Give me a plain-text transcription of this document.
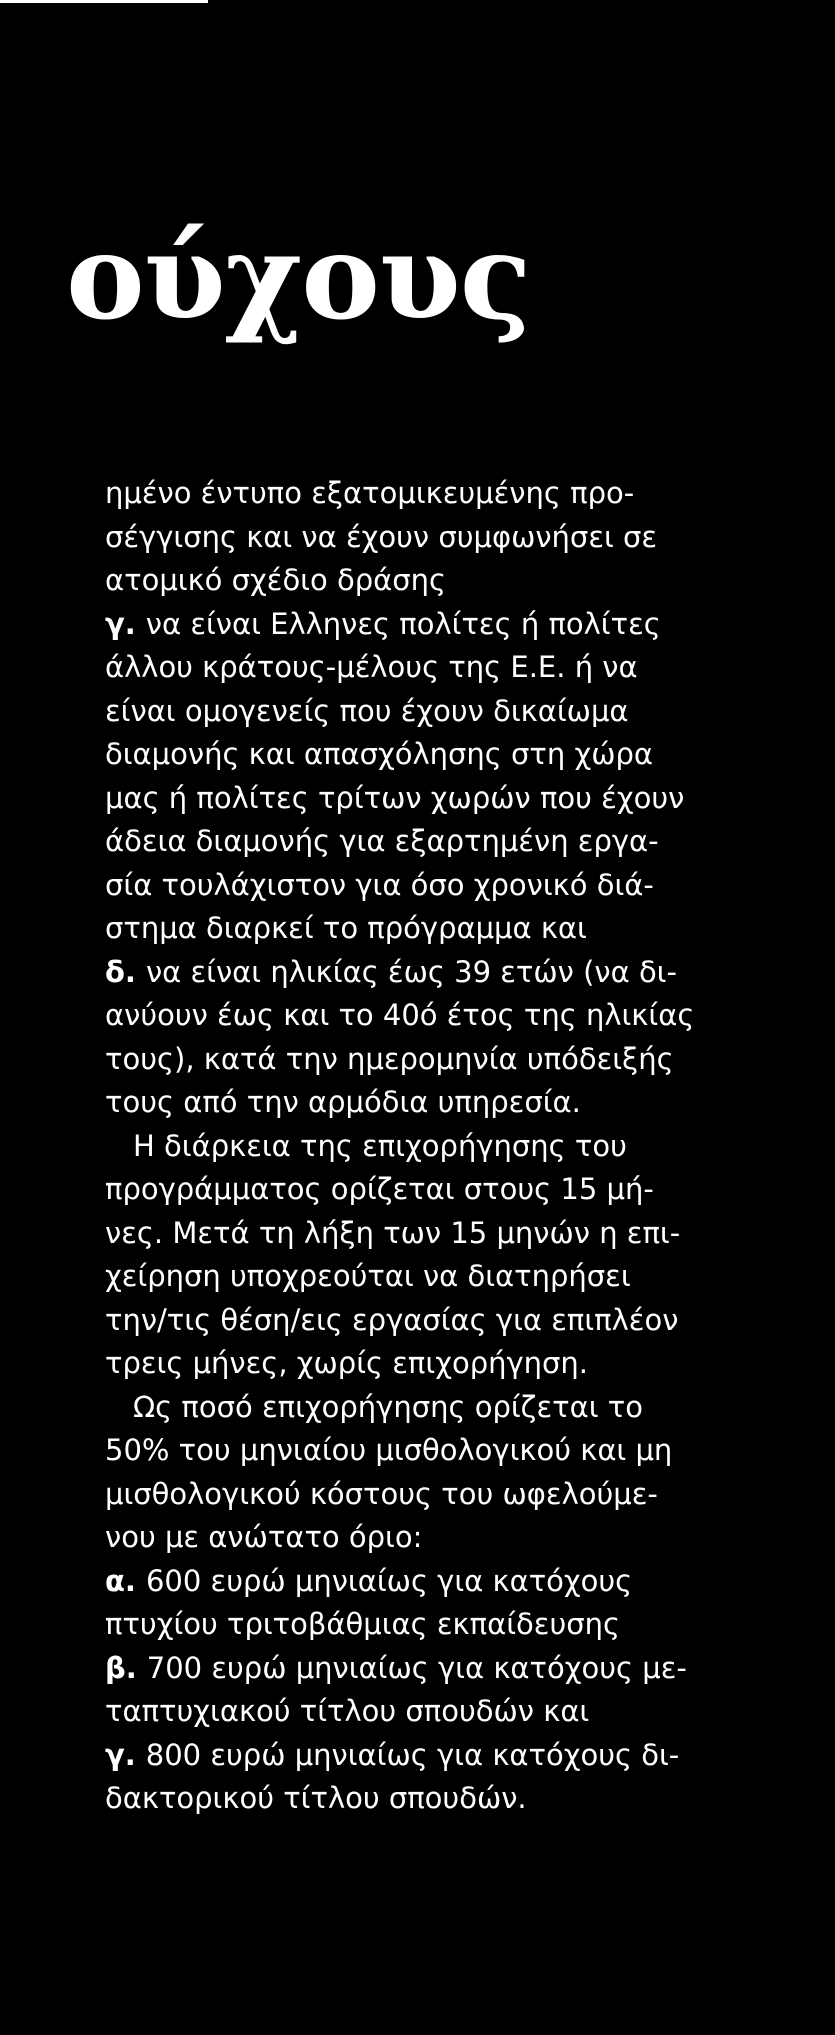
ούχους
ημένο έντυπο εξατομικευμένης προ-
σέγγισης και να έχουν συμφωνήσει σε
ατομικό σχέδιο δράσης
γ. να είναι Ελληνες πολίτες ή πολίτες
άλλου κράτους-μέλους της Ε.Ε. ή να
είναι ομογενείς που έχουν δικαίωμα
διαμονής και απασχόλησης στη χώρα
μας ή πολίτες τρίτων χωρών που έχουν
άδεια διαμονής για εξαρτημένη εργα-
σία τουλάχιστον για όσο χρονικό διά-
στημα διαρκεί το πρόγραμμα και
δ. να είναι ηλικίας έως 39 ετών (να δι-
ανύουν έως και το 40ό έτος της ηλικίας
τους), κατά την ημερομηνία υπόδειξής
τους από την αρμόδια υπηρεσία.
Η διάρκεια της επιχορήγησης του
προγράμματος ορίζεται στους 15 μή-
νες. Μετά τη λήξη των 15 μηνών η επι-
χείρηση υποχρεούται να διατηρήσει
την/τις θέση/εις εργασίας για επιπλέον
τρεις μήνες, χωρίς επιχορήγηση.
Ως ποσό επιχορήγησης ορίζεται το
50% του μηνιαίου μισθολογικού και μη
μισθολογικού κόστους του ωφελούμε-
νου με ανώτατο όριο:
α. 600 ευρώ μηνιαίως για κατόχους
πτυχίου τριτοβάθμιας εκπαίδευσης
β. 700 ευρώ μηνιαίως για κατόχους με-
ταπτυχιακού τίτλου σπουδών και
γ. 800 ευρώ μηνιαίως για κατόχους δι-
δακτορικού τίτλου σπουδών.
